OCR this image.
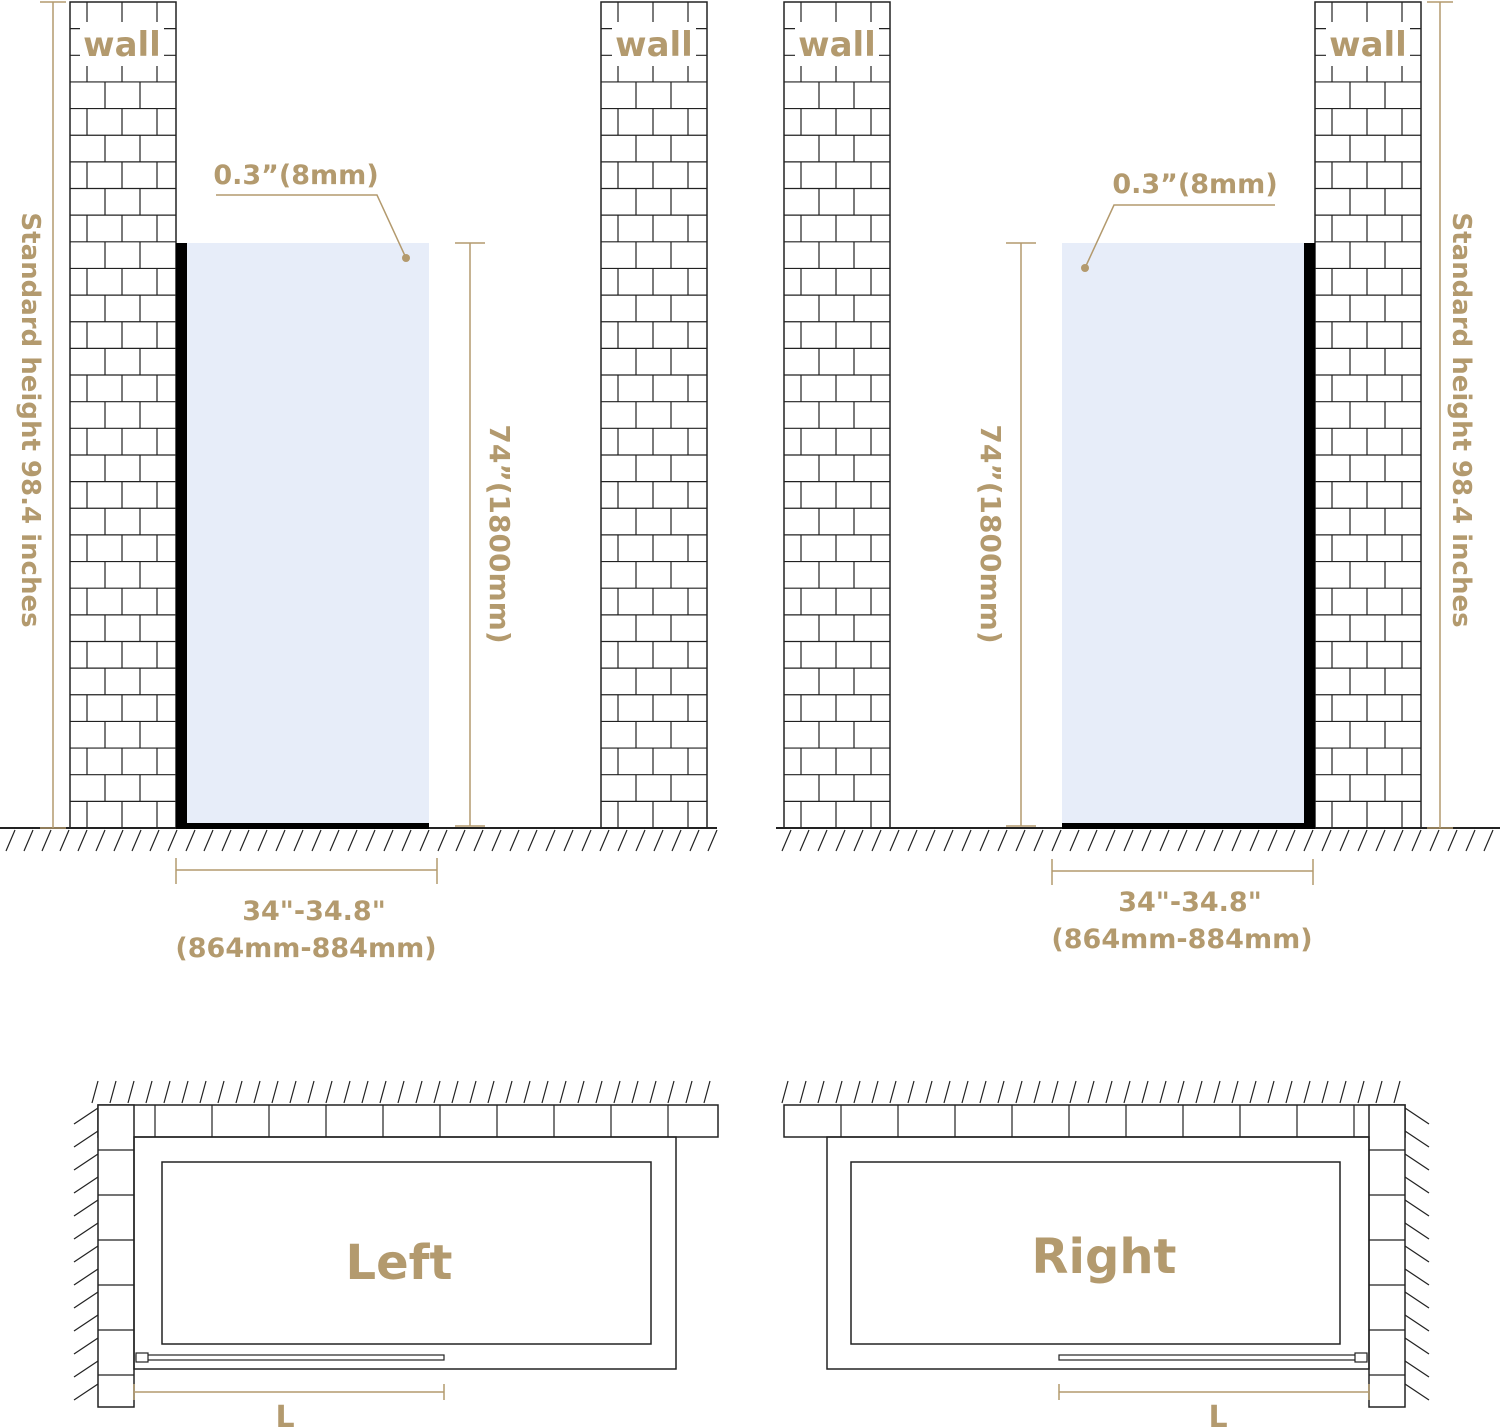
0.3”(8mm)
74”(1800mm)
Standard height 98.4 inches
34"-34.8"
(864mm-884mm)
wall	wall
0.3”(8mm)
74”(1800mm)	Standard height 98.4 inches
34"-34.8"
(864mm-884mm)
wall	wall
Left
L
Right
L
